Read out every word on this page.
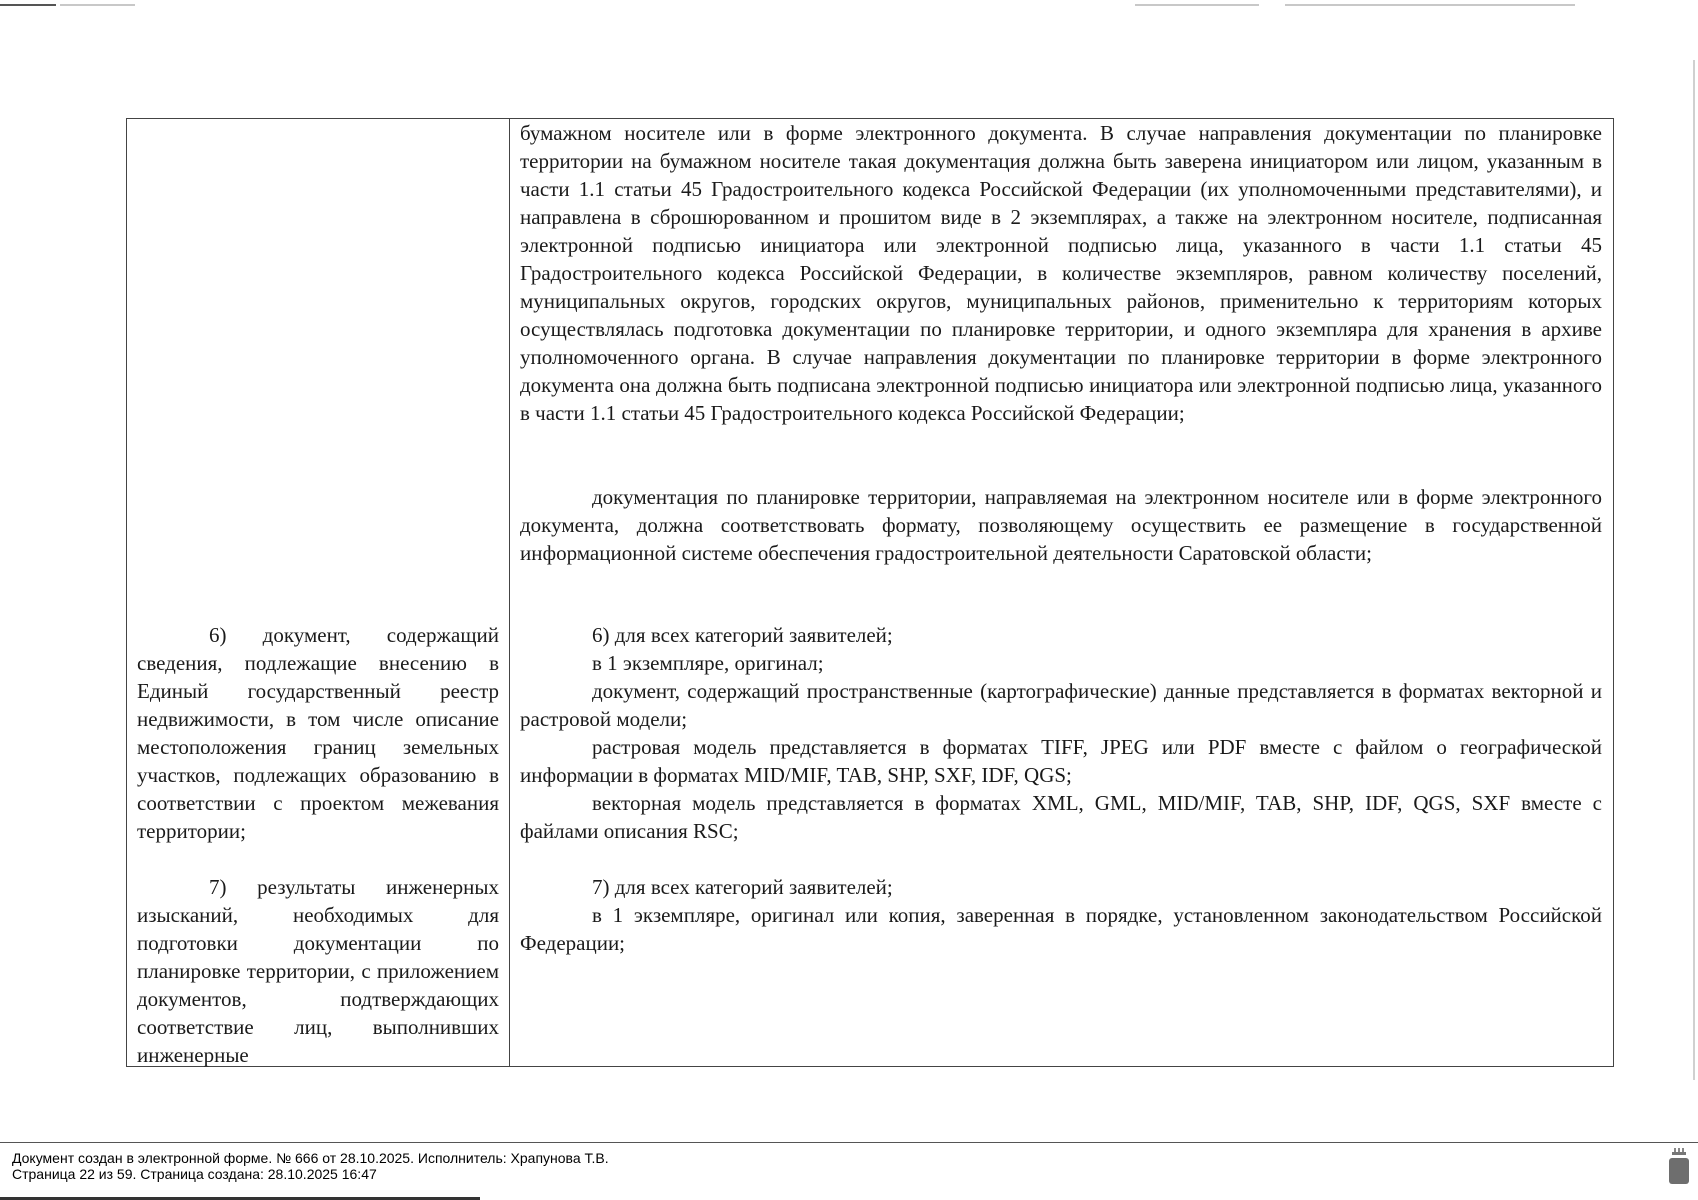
6) документ, содержащий сведения, подлежащие внесению в Единый государственный реестр недвижимости, в том числе описание местоположения границ земельных участков, подлежащих образованию в соответствии с проектом межевания территории;

7) результаты инженерных изысканий, необходимых для подготовки документации по планировке территории, с приложением документов, подтверждающих соответствие лиц, выполнивших инженерные

бумажном носителе или в форме электронного документа. В случае направления документации по планировке территории на бумажном носителе такая документация должна быть заверена инициатором или лицом, указанным в части 1.1 статьи 45 Градостроительного кодекса Российской Федерации (их уполномоченными представителями), и направлена в сброшюрованном и прошитом виде в 2 экземплярах, а также на электронном носителе, подписанная электронной подписью инициатора или электронной подписью лица, указанного в части 1.1 статьи 45 Градостроительного кодекса Российской Федерации, в количестве экземпляров, равном количеству поселений, муниципальных округов, городских округов, муниципальных районов, применительно к территориям которых осуществлялась подготовка документации по планировке территории, и одного экземпляра для хранения в архиве уполномоченного органа. В случае направления документации по планировке территории в форме электронного документа она должна быть подписана электронной подписью инициатора или электронной подписью лица, указанного в части 1.1 статьи 45 Градостроительного кодекса Российской Федерации;

документация по планировке территории, направляемая на электронном носителе или в форме электронного документа, должна соответствовать формату, позволяющему осуществить ее размещение в государственной информационной системе обеспечения градостроительной деятельности Саратовской области;

6) для всех категорий заявителей;

в 1 экземпляре, оригинал;

документ, содержащий пространственные (картографические) данные представляется в форматах векторной и растровой модели;

растровая модель представляется в форматах TIFF, JPEG или PDF вместе с файлом о географической информации в форматах MID/MIF, TAB, SHP, SXF, IDF, QGS;

векторная модель представляется в форматах XML, GML, MID/MIF, TAB, SHP, IDF, QGS, SXF вместе с файлами описания RSC;

7) для всех категорий заявителей;

в 1 экземпляре, оригинал или копия, заверенная в порядке, установленном законодательством Российской Федерации;

Документ создан в электронной форме. № 666 от 28.10.2025. Исполнитель: Храпунова Т.В.
Страница 22 из 59. Страница создана: 28.10.2025 16:47
